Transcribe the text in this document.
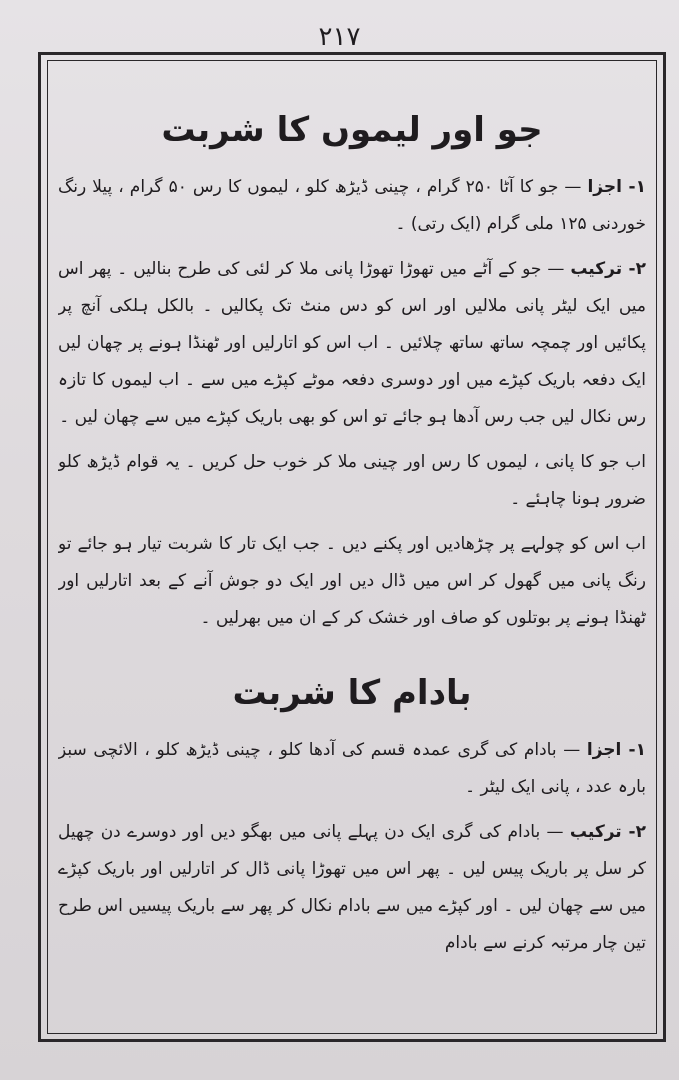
۲۱۷
جو اور لیموں کا شربت

۱- اجزا — جو کا آٹا ۲۵۰ گرام ، چینی ڈیڑھ کلو ، لیموں کا رس ۵۰ گرام ، پیلا رنگ خوردنی ۱۲۵ ملی گرام (ایک رتی) ۔

۲- ترکیب — جو کے آٹے میں تھوڑا تھوڑا پانی ملا کر لئی کی طرح بنالیں ۔ پھر اس میں ایک لیٹر پانی ملالیں اور اس کو دس منٹ تک پکالیں ۔ بالکل ہلکی آنچ پر پکائیں اور چمچہ ساتھ ساتھ چلائیں ۔ اب اس کو اتارلیں اور ٹھنڈا ہونے پر چھان لیں ایک دفعہ باریک کپڑے میں اور دوسری دفعہ موٹے کپڑے میں سے ۔ اب لیموں کا تازہ رس نکال لیں جب رس آدھا ہو جائے تو اس کو بھی باریک کپڑے میں سے چھان لیں ۔

اب جو کا پانی ، لیموں کا رس اور چینی ملا کر خوب حل کریں ۔ یہ قوام ڈیڑھ کلو ضرور ہونا چاہئے ۔

اب اس کو چولہے پر چڑھادیں اور پکنے دیں ۔ جب ایک تار کا شربت تیار ہو جائے تو رنگ پانی میں گھول کر اس میں ڈال دیں اور ایک دو جوش آنے کے بعد اتارلیں اور ٹھنڈا ہونے پر بوتلوں کو صاف اور خشک کر کے ان میں بھرلیں ۔

بادام کا شربت

۱- اجزا — بادام کی گری عمدہ قسم کی آدھا کلو ، چینی ڈیڑھ کلو ، الائچی سبز بارہ عدد ، پانی ایک لیٹر ۔

۲- ترکیب — بادام کی گری ایک دن پہلے پانی میں بھگو دیں اور دوسرے دن چھیل کر سل پر باریک پیس لیں ۔ پھر اس میں تھوڑا پانی ڈال کر اتارلیں اور باریک کپڑے میں سے چھان لیں ۔ اور کپڑے میں سے بادام نکال کر پھر سے باریک پیسیں اس طرح تین چار مرتبہ کرنے سے بادام
